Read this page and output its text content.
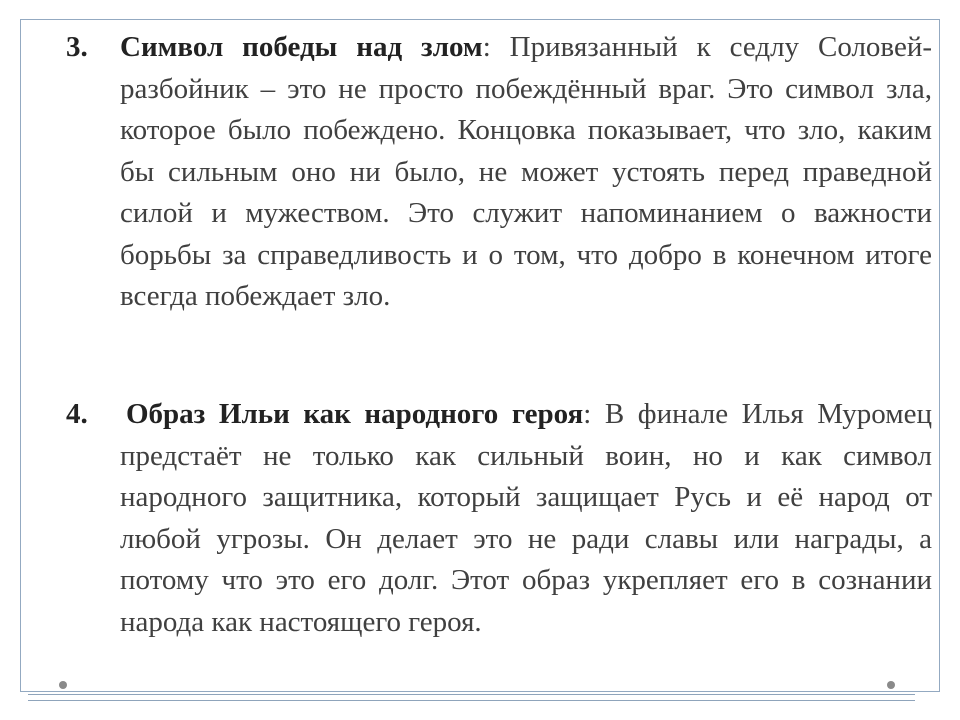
3. Символ победы над злом: Привязанный к седлу Соловей-разбойник – это не просто побеждённый враг. Это символ зла, которое было побеждено. Концовка показывает, что зло, каким бы сильным оно ни было, не может устоять перед праведной силой и мужеством. Это служит напоминанием о важности борьбы за справедливость и о том, что добро в конечном итоге всегда побеждает зло.
4. Образ Ильи как народного героя: В финале Илья Муромец предстаёт не только как сильный воин, но и как символ народного защитника, который защищает Русь и её народ от любой угрозы. Он делает это не ради славы или награды, а потому что это его долг. Этот образ укрепляет его в сознании народа как настоящего героя.
